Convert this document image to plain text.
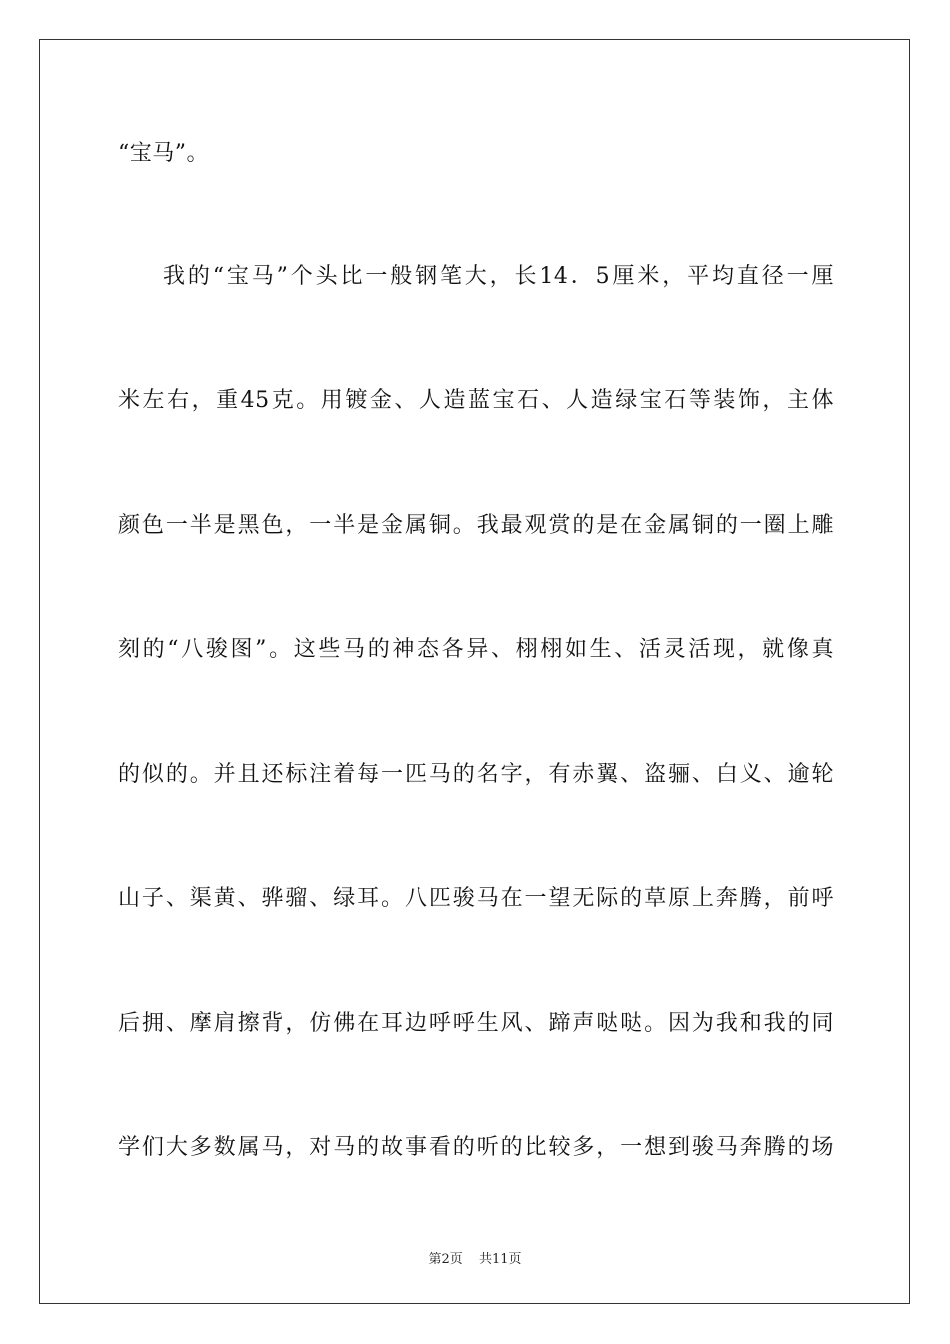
“宝马”。
我的“宝马”个头比一般钢笔大，长14．5厘米，平均直径一厘
米左右，重45克。用镀金、人造蓝宝石、人造绿宝石等装饰，主体
颜色一半是黑色，一半是金属铜。我最观赏的是在金属铜的一圈上雕
刻的“八骏图”。这些马的神态各异、栩栩如生、活灵活现，就像真
的似的。并且还标注着每一匹马的名字，有赤翼、盗骊、白义、逾轮
山子、渠黄、骅骝、绿耳。八匹骏马在一望无际的草原上奔腾，前呼
后拥、摩肩擦背，仿佛在耳边呼呼生风、蹄声哒哒。因为我和我的同
学们大多数属马，对马的故事看的听的比较多，一想到骏马奔腾的场
第2页 共11页
